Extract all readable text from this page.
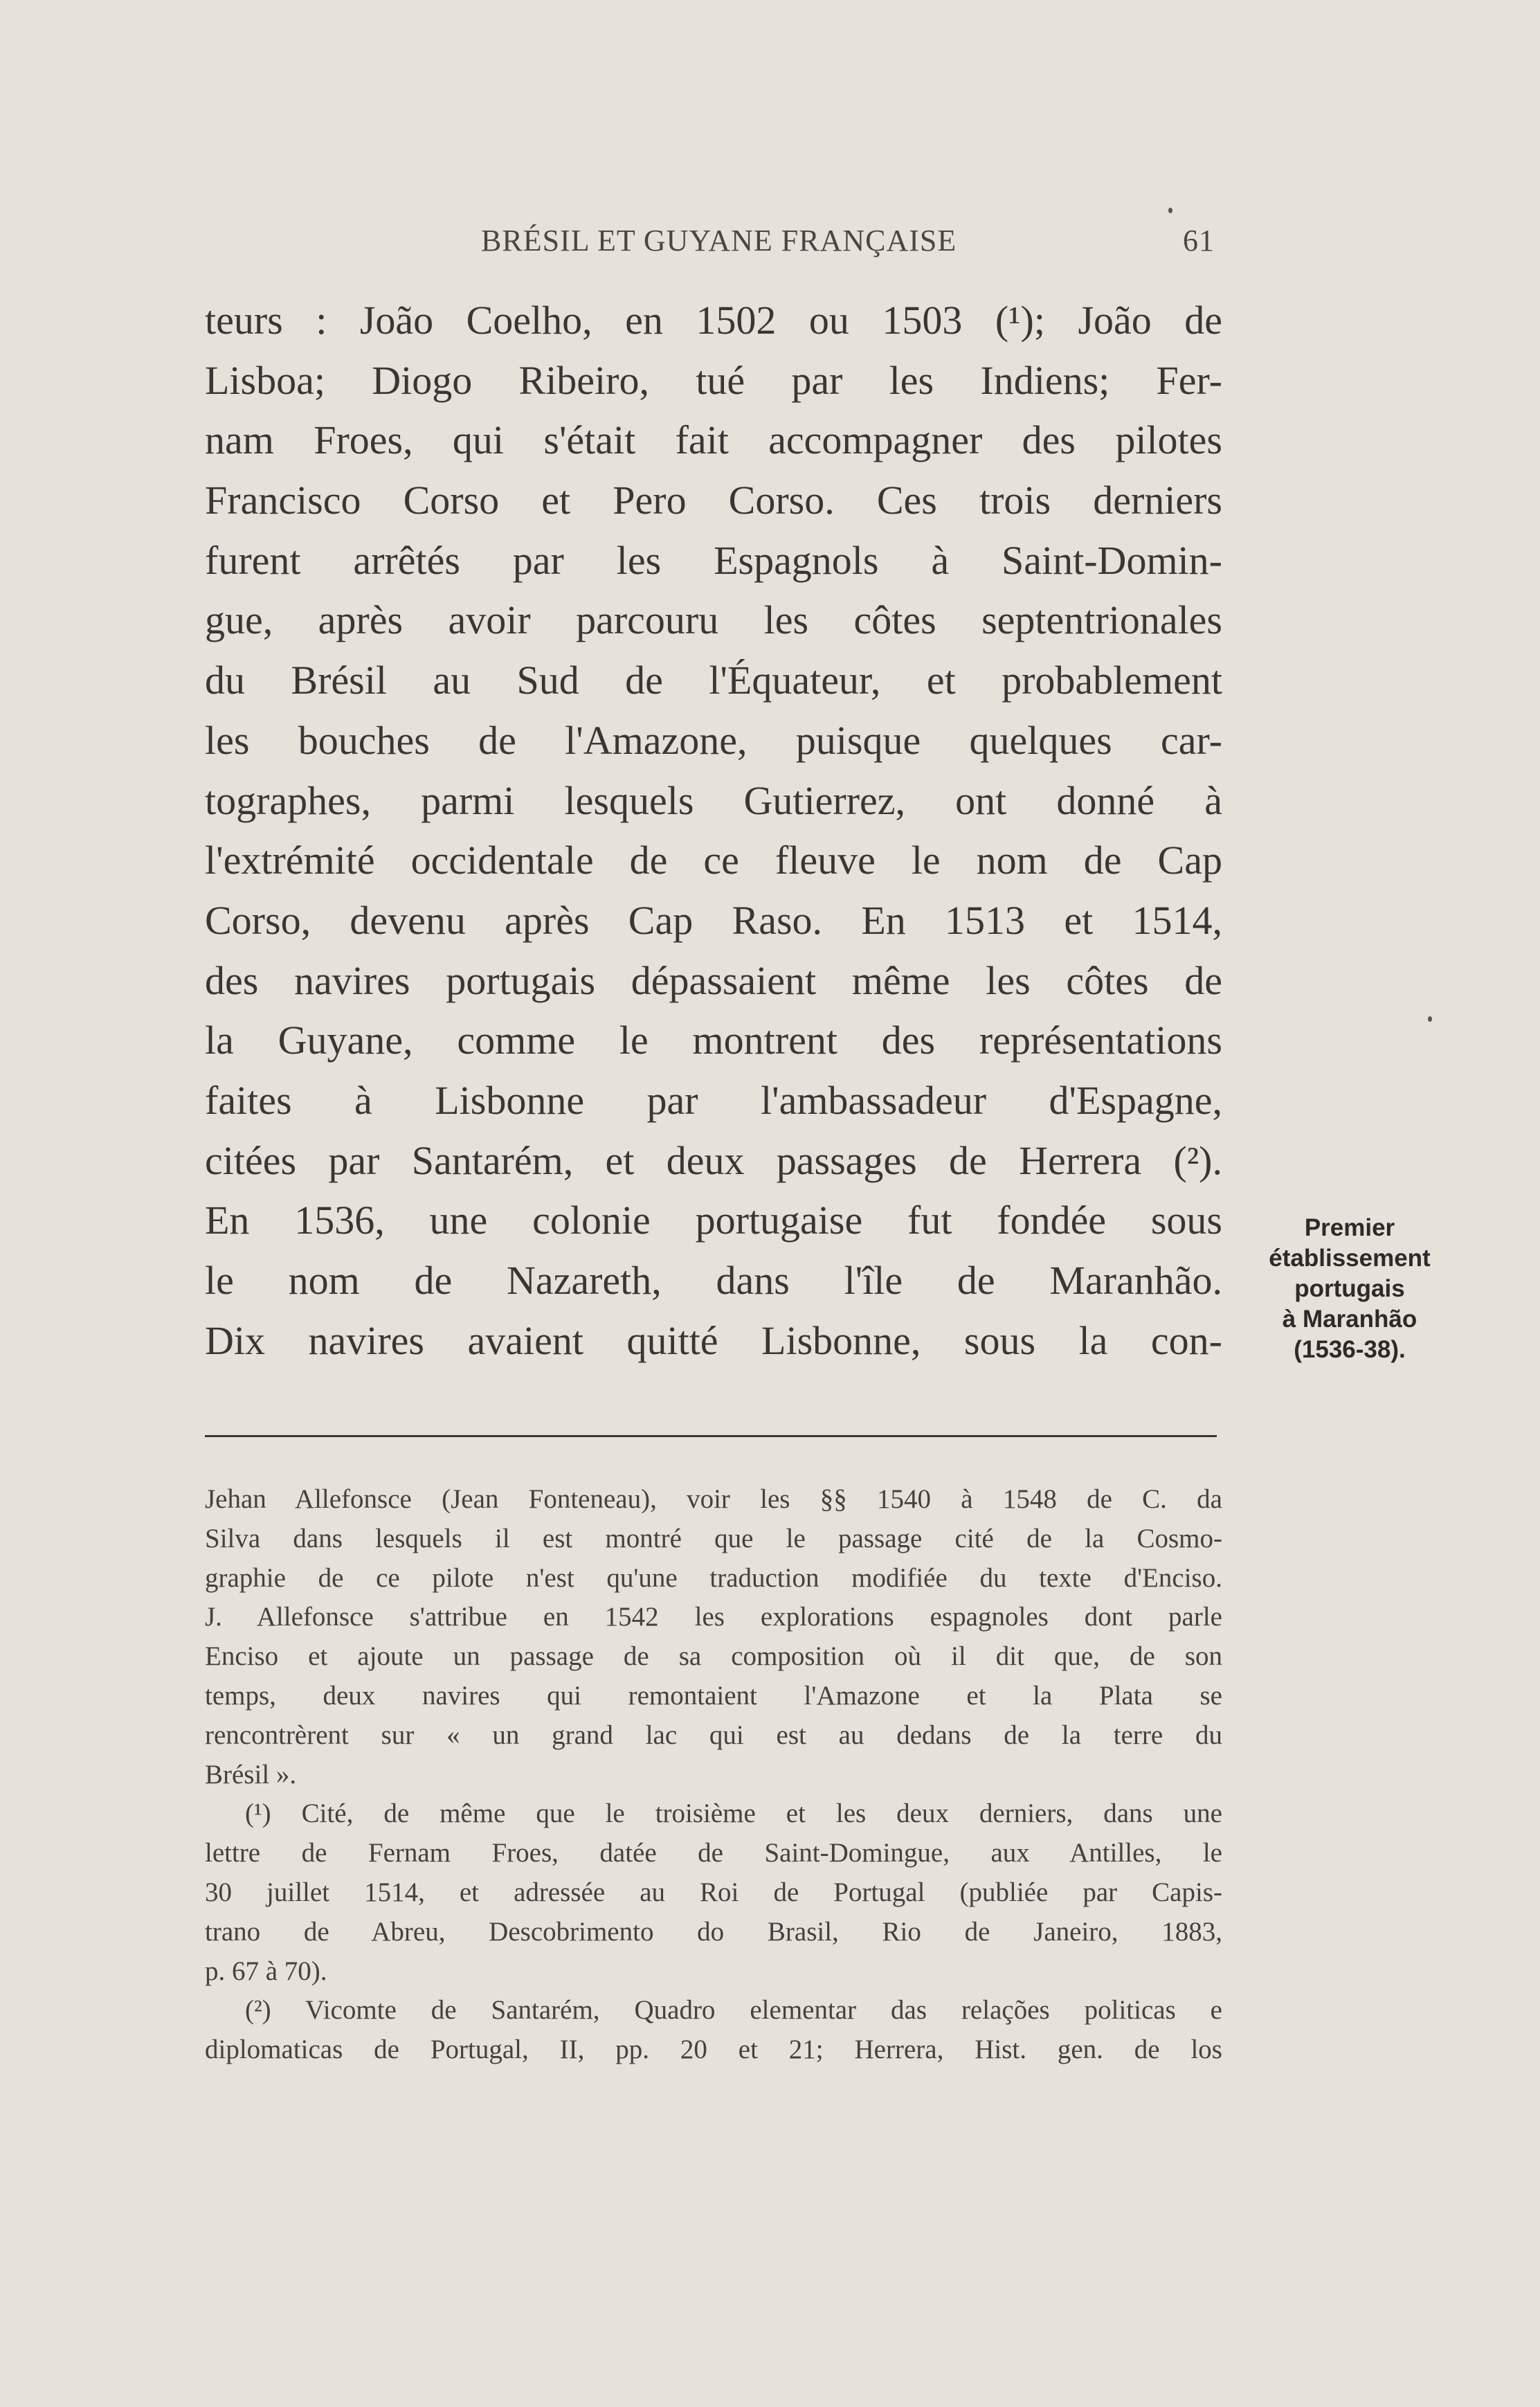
BRÉSIL ET GUYANE FRANÇAISE	61
teurs : João Coelho, en 1502 ou 1503 (¹); João de
Lisboa; Diogo Ribeiro, tué par les Indiens; Fer-
nam Froes, qui s'était fait accompagner des pilotes
Francisco Corso et Pero Corso. Ces trois derniers
furent arrêtés par les Espagnols à Saint-Domin-
gue, après avoir parcouru les côtes septentrionales
du Brésil au Sud de l'Équateur, et probablement
les bouches de l'Amazone, puisque quelques car-
tographes, parmi lesquels Gutierrez, ont donné à
l'extrémité occidentale de ce fleuve le nom de Cap
Corso, devenu après Cap Raso. En 1513 et 1514,
des navires portugais dépassaient même les côtes de
la Guyane, comme le montrent des représentations
faites à Lisbonne par l'ambassadeur d'Espagne,
citées par Santarém, et deux passages de Herrera (²).
En 1536, une colonie portugaise fut fondée sous
le nom de Nazareth, dans l'île de Maranhão.
Dix navires avaient quitté Lisbonne, sous la con-
Premier
établissement
portugais
à Maranhão
(1536-38).
Jehan Allefonsce (Jean Fonteneau), voir les §§ 1540 à 1548 de C. da
Silva dans lesquels il est montré que le passage cité de la Cosmo-
graphie de ce pilote n'est qu'une traduction modifiée du texte d'Enciso.
J. Allefonsce s'attribue en 1542 les explorations espagnoles dont parle
Enciso et ajoute un passage de sa composition où il dit que, de son
temps, deux navires qui remontaient l'Amazone et la Plata se
rencontrèrent sur « un grand lac qui est au dedans de la terre du
Brésil ».
(¹) Cité, de même que le troisième et les deux derniers, dans une
lettre de Fernam Froes, datée de Saint-Domingue, aux Antilles, le
30 juillet 1514, et adressée au Roi de Portugal (publiée par Capis-
trano de Abreu, Descobrimento do Brasil, Rio de Janeiro, 1883,
p. 67 à 70).
(²) Vicomte de Santarém, Quadro elementar das relações politicas e
diplomaticas de Portugal, II, pp. 20 et 21; Herrera, Hist. gen. de los
